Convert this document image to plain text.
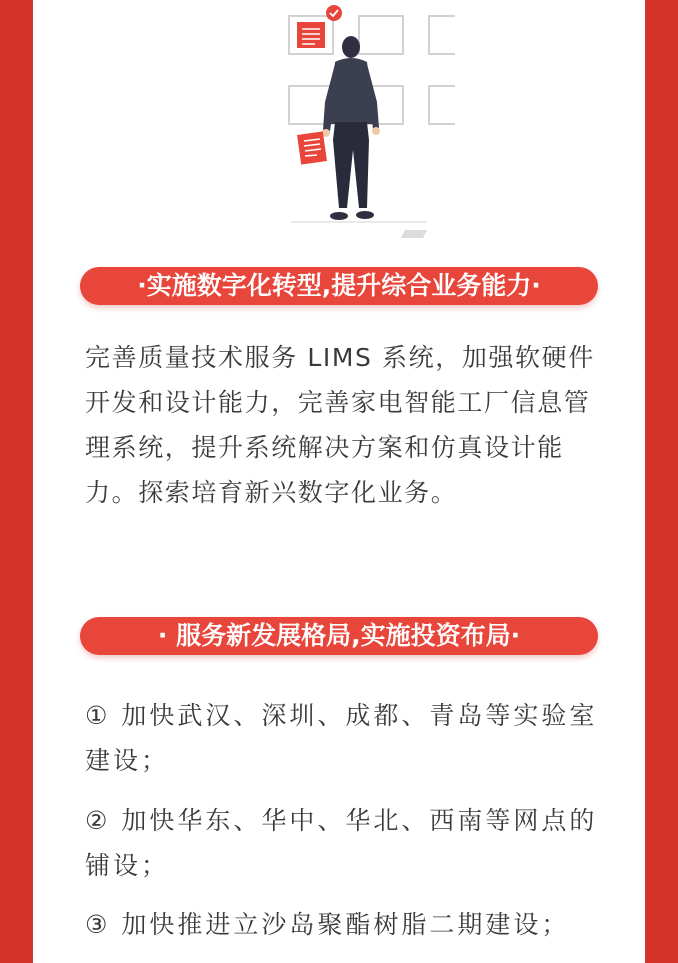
·实施数字化转型,提升综合业务能力·
完善质量技术服务 LIMS 系统，加强软硬件开发和设计能力，完善家电智能工厂信息管理系统，提升系统解决方案和仿真设计能力。探索培育新兴数字化业务。
· 服务新发展格局,实施投资布局·
① 加快武汉、深圳、成都、青岛等实验室建设；
② 加快华东、华中、华北、西南等网点的铺设；
③ 加快推进立沙岛聚酯树脂二期建设；
